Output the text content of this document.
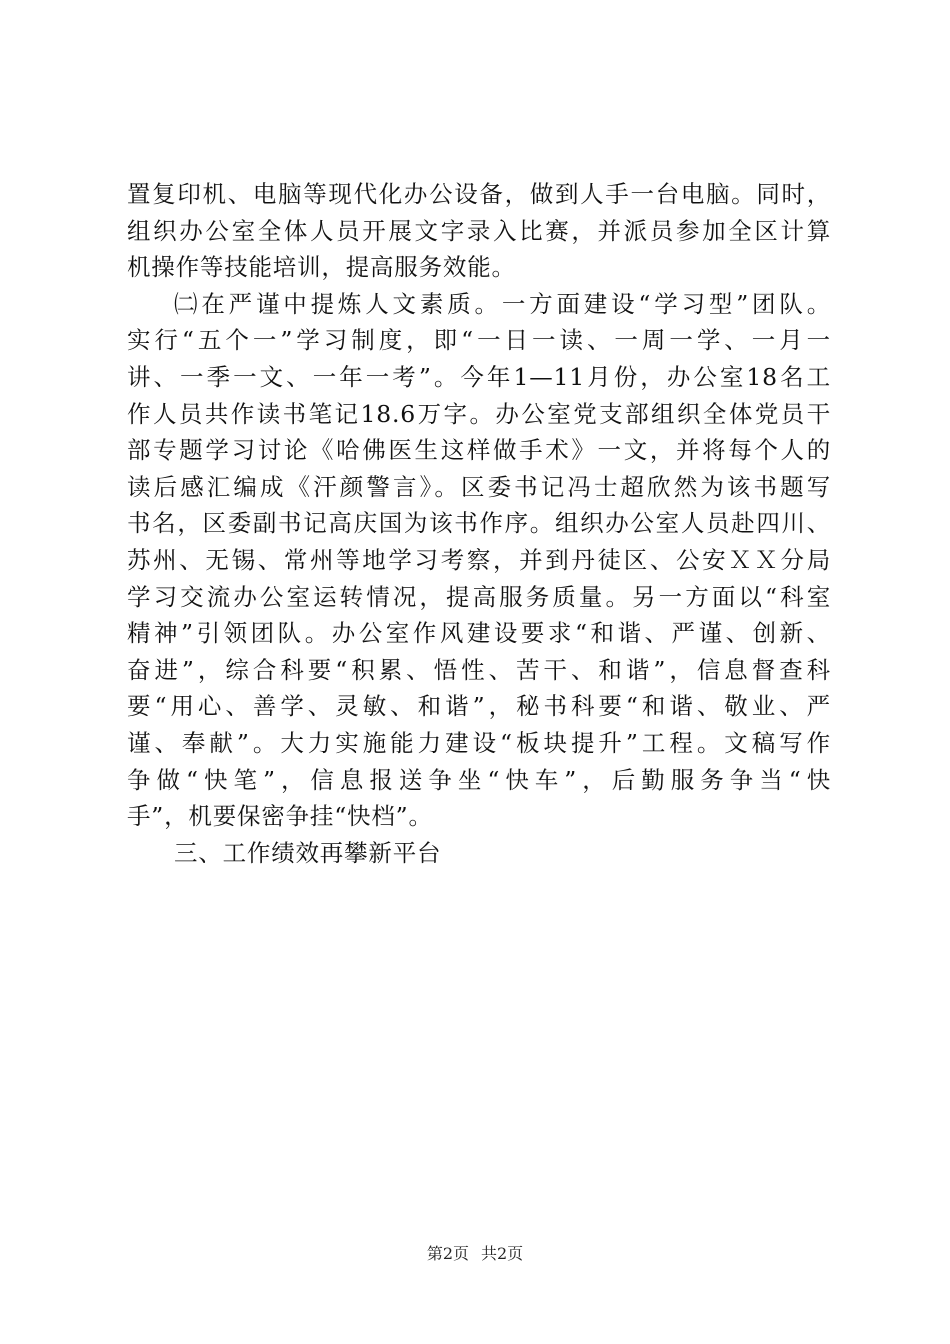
置复印机、电脑等现代化办公设备，做到人手一台电脑。同时，
组织办公室全体人员开展文字录入比赛，并派员参加全区计算
机操作等技能培训，提高服务效能。
㈡在严谨中提炼人文素质。一方面建设“学习型”团队。
实行“五个一”学习制度，即“一日一读、一周一学、一月一
讲、一季一文、一年一考”。今年1—11月份，办公室18名工
作人员共作读书笔记18.6万字。办公室党支部组织全体党员干
部专题学习讨论《哈佛医生这样做手术》一文，并将每个人的
读后感汇编成《汗颜警言》。区委书记冯士超欣然为该书题写
书名，区委副书记高庆国为该书作序。组织办公室人员赴四川、
苏州、无锡、常州等地学习考察，并到丹徒区、公安ＸＸ分局
学习交流办公室运转情况，提高服务质量。另一方面以“科室
精神”引领团队。办公室作风建设要求“和谐、严谨、创新、
奋进”，综合科要“积累、悟性、苦干、和谐”，信息督查科
要“用心、善学、灵敏、和谐”，秘书科要“和谐、敬业、严
谨、奉献”。大力实施能力建设“板块提升”工程。文稿写作
争做“快笔”，信息报送争坐“快车”，后勤服务争当“快
手”，机要保密争挂“快档”。
三、工作绩效再攀新平台
第2页 共2页
